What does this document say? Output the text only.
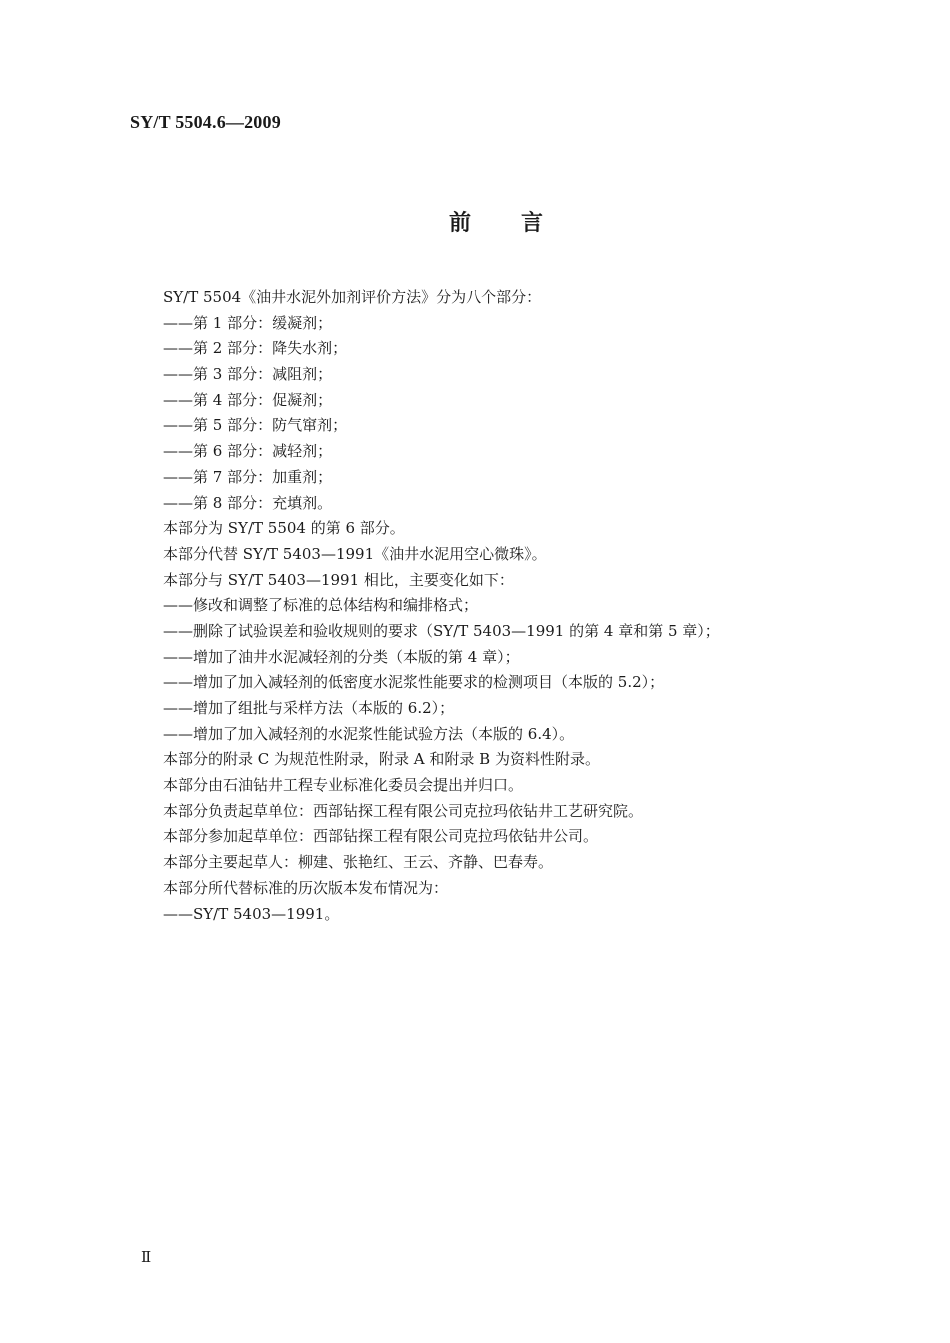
SY/T 5504.6—2009
前言
SY/T 5504《油井水泥外加剂评价方法》分为八个部分：
——第 1 部分：缓凝剂；
——第 2 部分：降失水剂；
——第 3 部分：减阻剂；
——第 4 部分：促凝剂；
——第 5 部分：防气窜剂；
——第 6 部分：减轻剂；
——第 7 部分：加重剂；
——第 8 部分：充填剂。
本部分为 SY/T 5504 的第 6 部分。
本部分代替 SY/T 5403—1991《油井水泥用空心微珠》。
本部分与 SY/T 5403—1991 相比，主要变化如下：
——修改和调整了标准的总体结构和编排格式；
——删除了试验误差和验收规则的要求（SY/T 5403—1991 的第 4 章和第 5 章）；
——增加了油井水泥减轻剂的分类（本版的第 4 章）；
——增加了加入减轻剂的低密度水泥浆性能要求的检测项目（本版的 5.2）；
——增加了组批与采样方法（本版的 6.2）；
——增加了加入减轻剂的水泥浆性能试验方法（本版的 6.4）。
本部分的附录 C 为规范性附录，附录 A 和附录 B 为资料性附录。
本部分由石油钻井工程专业标准化委员会提出并归口。
本部分负责起草单位：西部钻探工程有限公司克拉玛依钻井工艺研究院。
本部分参加起草单位：西部钻探工程有限公司克拉玛依钻井公司。
本部分主要起草人：柳建、张艳红、王云、齐静、巴春寿。
本部分所代替标准的历次版本发布情况为：
——SY/T 5403—1991。
Ⅱ
